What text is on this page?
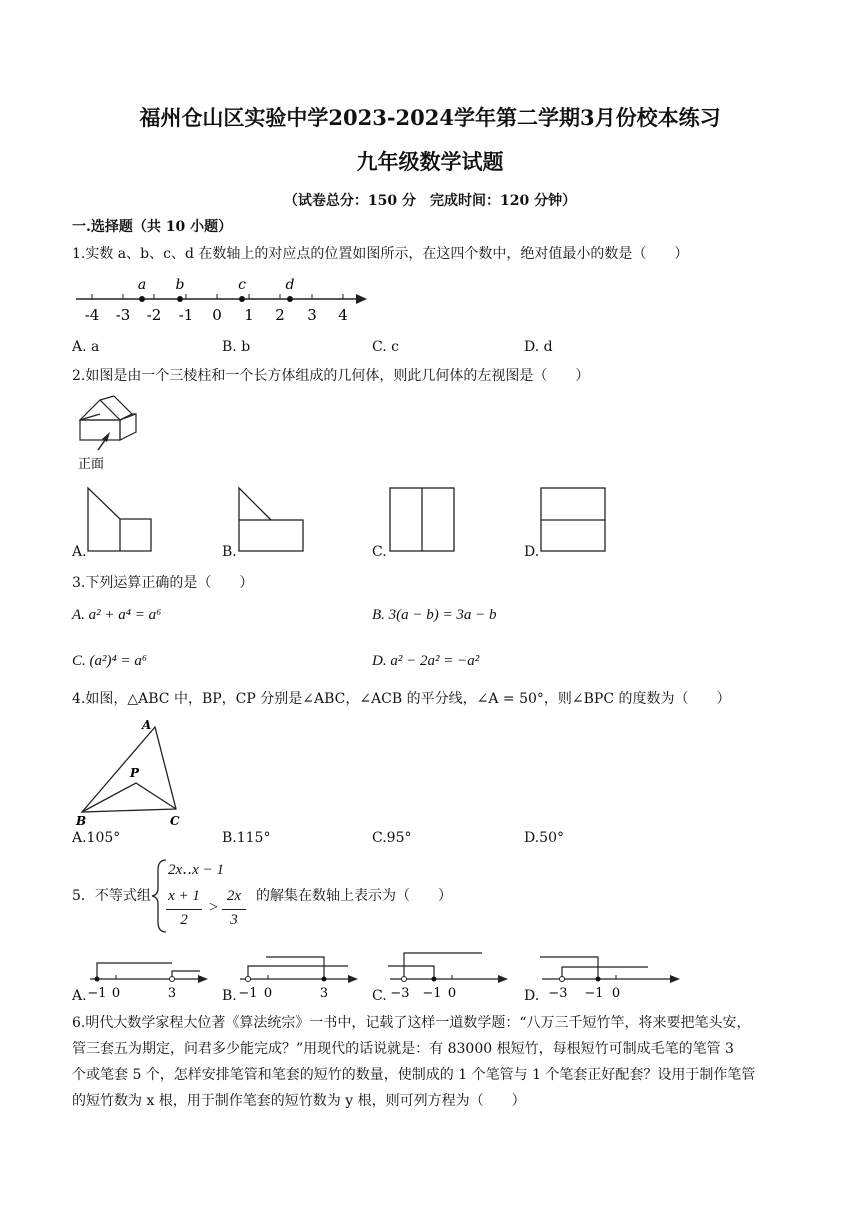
福州仓山区实验中学2023-2024学年第二学期3月份校本练习
九年级数学试题
（试卷总分：150 分　完成时间：120 分钟）
一.选择题（共 10 小题）
1.实数 a、b、c、d 在数轴上的对应点的位置如图所示，在这四个数中，绝对值最小的数是（　　）
a b	c	d
-4 -3 -2 -1 0 1 2 3 4
A. a	B. b	C. c	D. d
2.如图是由一个三棱柱和一个长方体组成的几何体，则此几何体的左视图是（　　）
正面
A.	B.	C.	D.
3.下列运算正确的是（　　）
A. a² + a⁴ = a⁶	B. 3(a − b) = 3a − b
C. (a²)⁴ = a⁶	D. a² − 2a² = −a²
4.如图，△ABC 中，BP，CP 分别是∠ABC，∠ACB 的平分线，∠A = 50°，则∠BPC 的度数为（　　）
A
B	C
P
A.105°	B.115°	C.95°	D.50°
5．不等式组
2x‥x − 1
x + 1
2
>
2x
3
的解集在数轴上表示为（　　）
A. −1 0	3	B. −1 0	3	C. −3 −1 0	D. −3 −1 0
6.明代大数学家程大位著《算法统宗》一书中，记载了这样一道数学题：“八万三千短竹竿，将来要把笔头安，
管三套五为期定，问君多少能完成？”用现代的话说就是：有 83000 根短竹，每根短竹可制成毛笔的笔管 3
个或笔套 5 个，怎样安排笔管和笔套的短竹的数量，使制成的 1 个笔管与 1 个笔套正好配套？设用于制作笔管
的短竹数为 x 根，用于制作笔套的短竹数为 y 根，则可列方程为（　　）
